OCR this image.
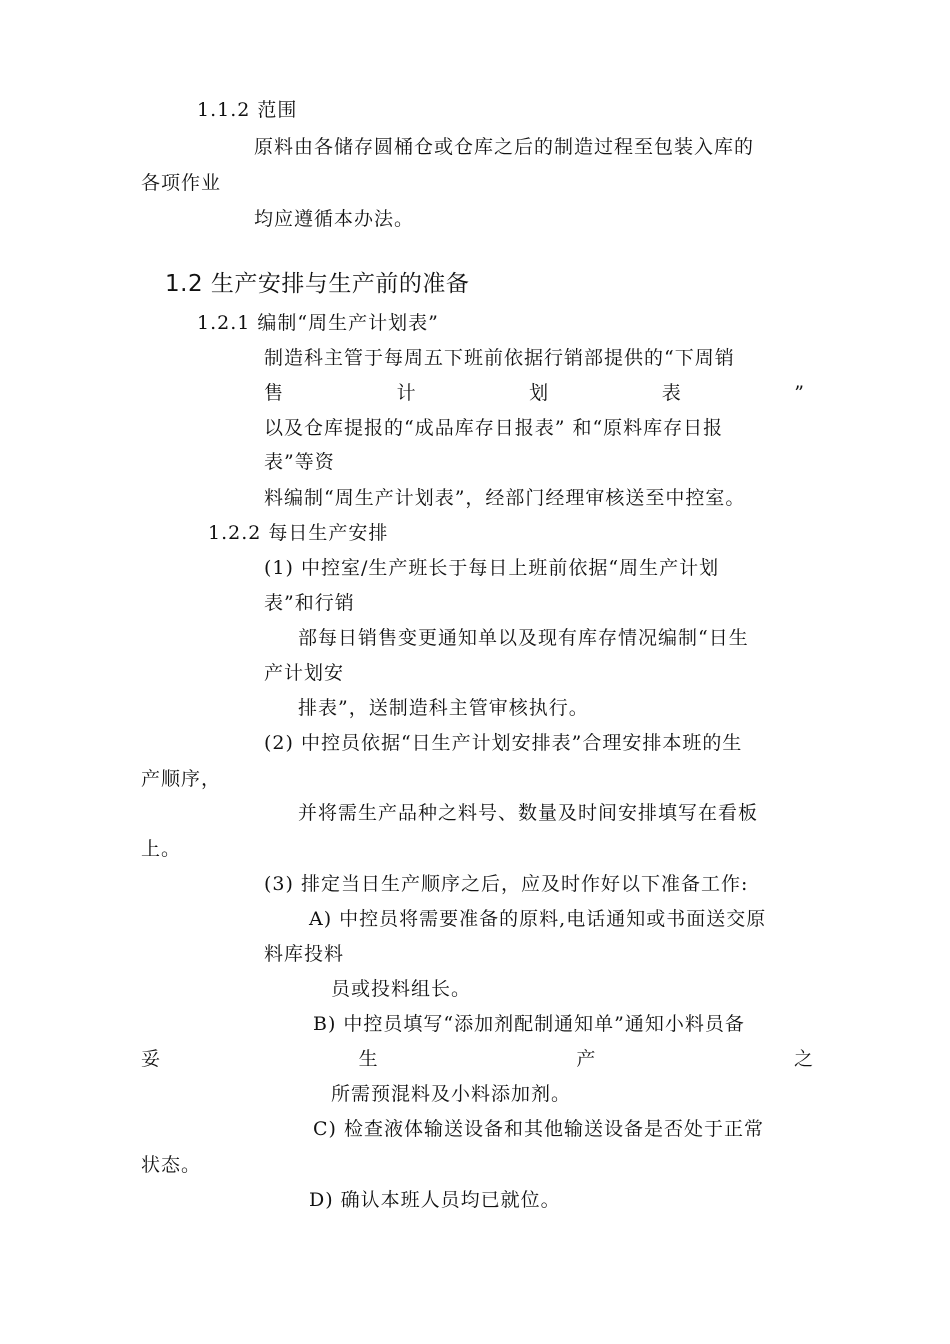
1.1.2 范围
原料由各储存圆桶仓或仓库之后的制造过程至包装入库的
各项作业
均应遵循本办法。
1.2 生产安排与生产前的准备
1.2.1 编制“周生产计划表”
制造科主管于每周五下班前依据行销部提供的“下周销
售	计	划	表	”
以及仓库提报的“成品库存日报表” 和“原料库存日报
表”等资
料编制“周生产计划表”，经部门经理审核送至中控室。
1.2.2 每日生产安排
(1) 中控室/生产班长于每日上班前依据“周生产计划
表”和行销
部每日销售变更通知单以及现有库存情况编制“日生
产计划安
排表”，送制造科主管审核执行。
(2) 中控员依据“日生产计划安排表”合理安排本班的生
产顺序，
并将需生产品种之料号、数量及时间安排填写在看板
上。
(3) 排定当日生产顺序之后，应及时作好以下准备工作:
A) 中控员将需要准备的原料,电话通知或书面送交原
料库投料
员或投料组长。
B) 中控员填写“添加剂配制通知单”通知小料员备
妥	生	产	之
所需预混料及小料添加剂。
C) 检查液体输送设备和其他输送设备是否处于正常
状态。
D) 确认本班人员均已就位。
